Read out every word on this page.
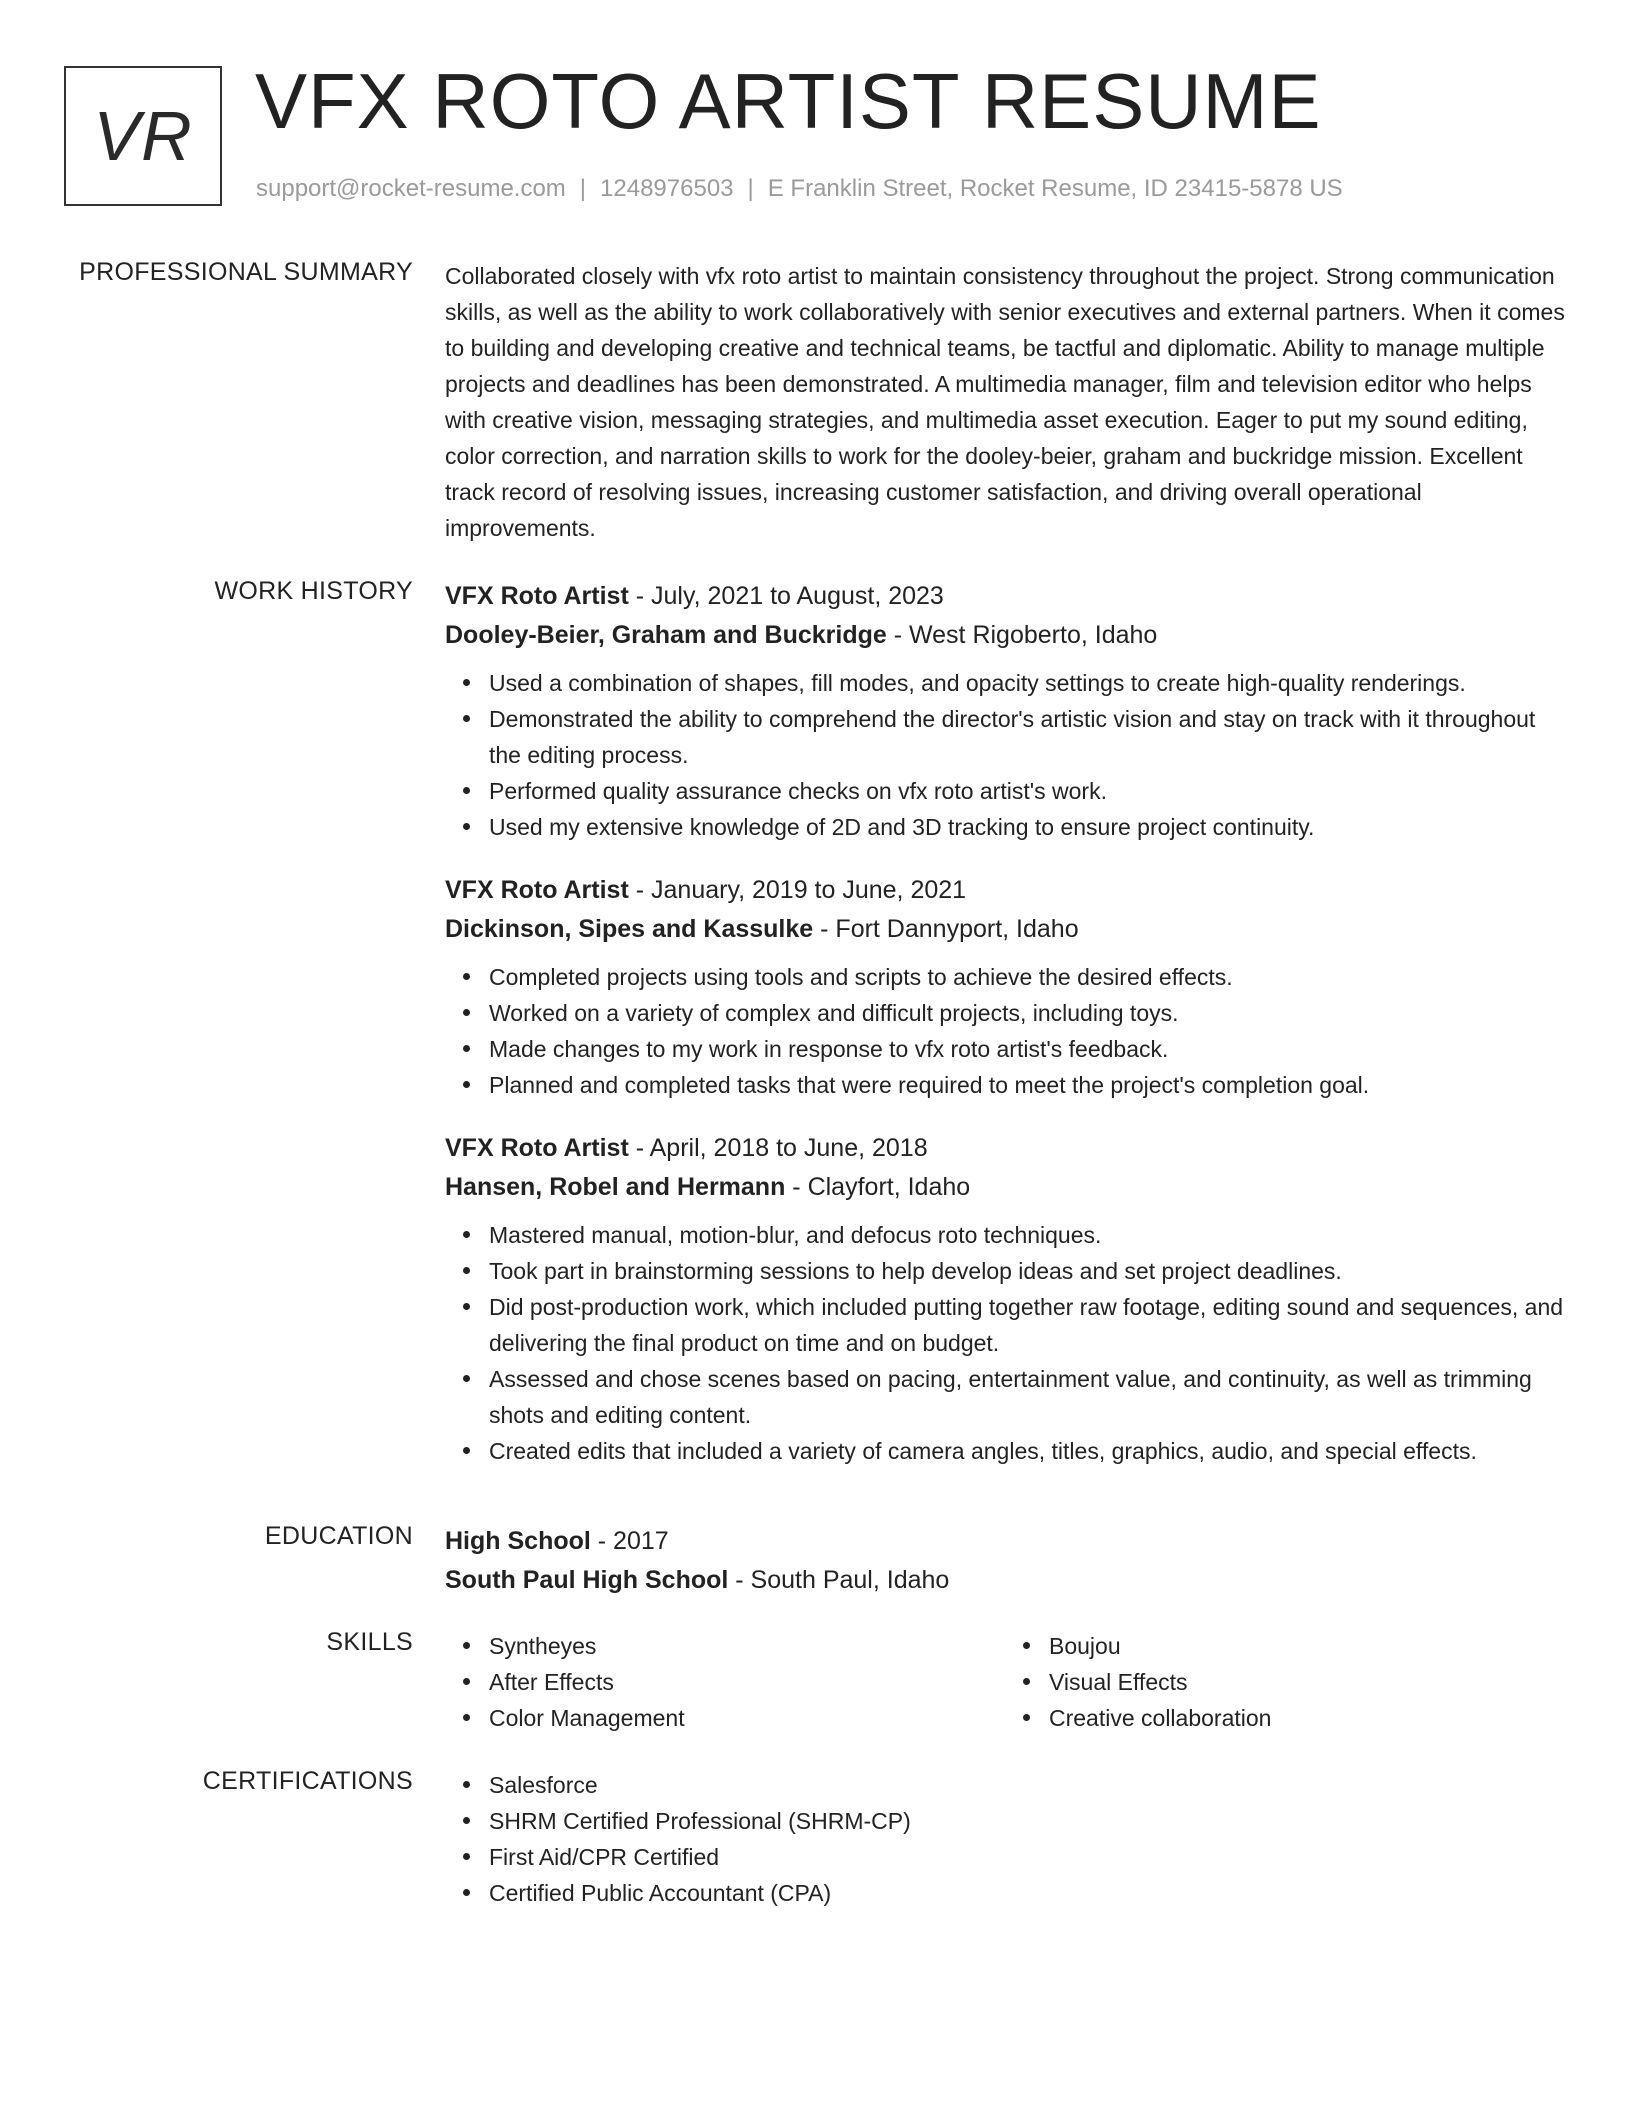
VR VFX ROTO ARTIST RESUME
support@rocket-resume.com | 1248976503 | E Franklin Street, Rocket Resume, ID 23415-5878 US
PROFESSIONAL SUMMARY Collaborated closely with vfx roto artist to maintain consistency throughout the project. Strong communication skills, as well as the ability to work collaboratively with senior executives and external partners. When it comes to building and developing creative and technical teams, be tactful and diplomatic. Ability to manage multiple projects and deadlines has been demonstrated. A multimedia manager, film and television editor who helps with creative vision, messaging strategies, and multimedia asset execution. Eager to put my sound editing, color correction, and narration skills to work for the dooley-beier, graham and buckridge mission. Excellent track record of resolving issues, increasing customer satisfaction, and driving overall operational improvements.
WORK HISTORY VFX Roto Artist - July, 2021 to August, 2023
Dooley-Beier, Graham and Buckridge - West Rigoberto, Idaho
Used a combination of shapes, fill modes, and opacity settings to create high-quality renderings.
Demonstrated the ability to comprehend the director's artistic vision and stay on track with it throughout the editing process.
Performed quality assurance checks on vfx roto artist's work.
Used my extensive knowledge of 2D and 3D tracking to ensure project continuity.
VFX Roto Artist - January, 2019 to June, 2021
Dickinson, Sipes and Kassulke - Fort Dannyport, Idaho
Completed projects using tools and scripts to achieve the desired effects.
Worked on a variety of complex and difficult projects, including toys.
Made changes to my work in response to vfx roto artist's feedback.
Planned and completed tasks that were required to meet the project's completion goal.
VFX Roto Artist - April, 2018 to June, 2018
Hansen, Robel and Hermann - Clayfort, Idaho
Mastered manual, motion-blur, and defocus roto techniques.
Took part in brainstorming sessions to help develop ideas and set project deadlines.
Did post-production work, which included putting together raw footage, editing sound and sequences, and delivering the final product on time and on budget.
Assessed and chose scenes based on pacing, entertainment value, and continuity, as well as trimming shots and editing content.
Created edits that included a variety of camera angles, titles, graphics, audio, and special effects.
EDUCATION High School - 2017
South Paul High School - South Paul, Idaho
SKILLS	Syntheyes
After Effects
Color Management
Boujou
Visual Effects
Creative collaboration
CERTIFICATIONS	Salesforce
SHRM Certified Professional (SHRM-CP)
First Aid/CPR Certified
Certified Public Accountant (CPA)
